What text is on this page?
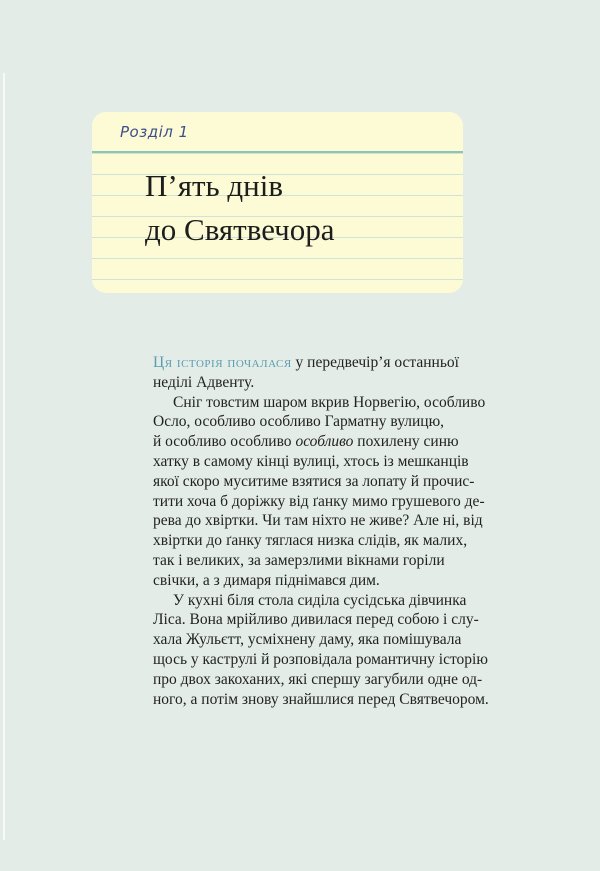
Розділ 1
П’ять днів
до Святвечора
Ця історія почалася у передвечір’я останньої
неділі Адвенту.
Сніг товстим шаром вкрив Норвегію, особливо
Осло, особливо особливо Гарматну вулицю,
й особливо особливо особливо похилену синю
хатку в самому кінці вулиці, хтось із мешканців
якої скоро муситиме взятися за лопату й прочис-
тити хоча б доріжку від ґанку мимо грушевого де-
рева до хвіртки. Чи там ніхто не живе? Але ні, від
хвіртки до ґанку тяглася низка слідів, як малих,
так і великих, за замерзлими вікнами горіли
свічки, а з димаря піднімався дим.
У кухні біля стола сиділа сусідська дівчинка
Ліса. Вона мрійливо дивилася перед собою і слу-
хала Жульєтт, усміхнену даму, яка помішувала
щось у каструлі й розповідала романтичну історію
про двох закоханих, які спершу загубили одне од-
ного, а потім знову знайшлися перед Святвечором.
